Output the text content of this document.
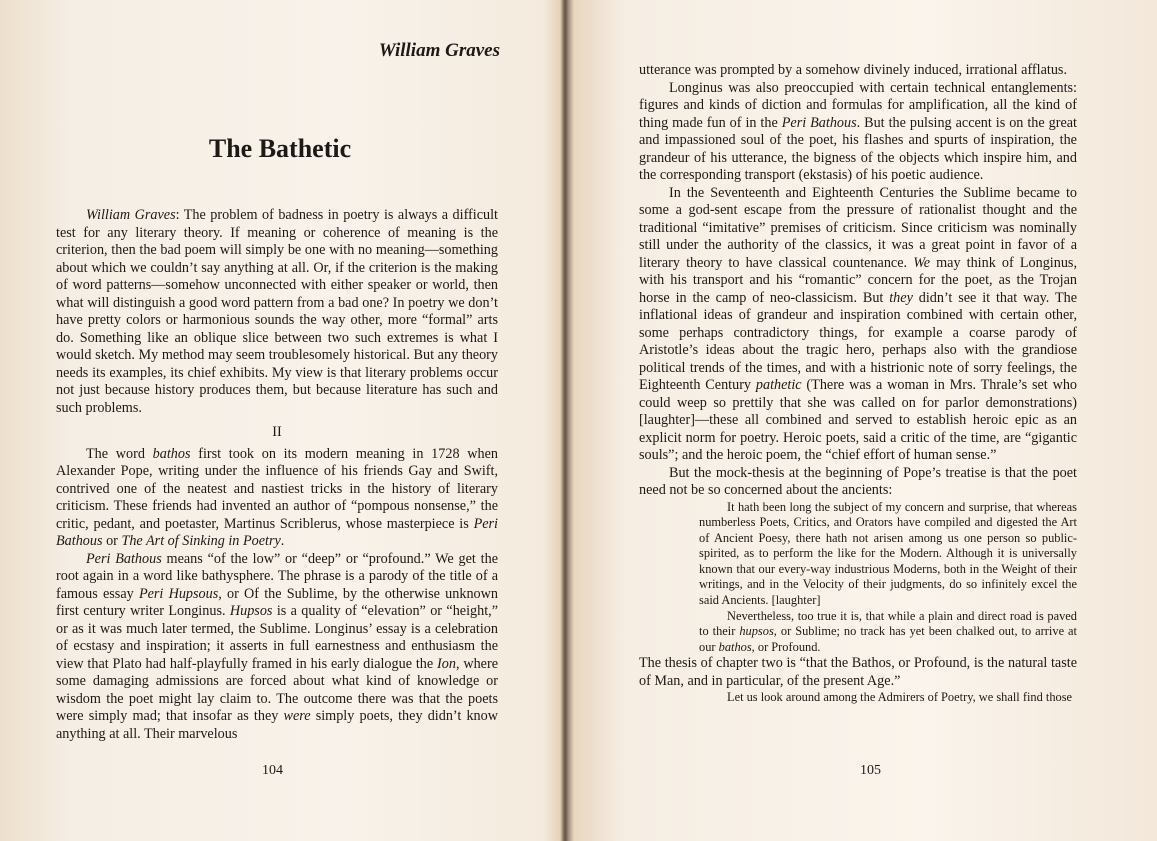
William Graves
The Bathetic

William Graves: The problem of badness in poetry is always a difficult test for any literary theory. If meaning or coherence of meaning is the criterion, then the bad poem will simply be one with no meaning—something about which we couldn’t say anything at all. Or, if the criterion is the making of word patterns—somehow unconnected with either speaker or world, then what will distinguish a good word pattern from a bad one? In poetry we don’t have pretty colors or harmonious sounds the way other, more “formal” arts do. Something like an oblique slice between two such extremes is what I would sketch. My method may seem troublesomely historical. But any theory needs its examples, its chief exhibits. My view is that literary problems occur not just because history produces them, but because literature has such and such problems.

II

The word bathos first took on its modern meaning in 1728 when Alexander Pope, writing under the influence of his friends Gay and Swift, contrived one of the neatest and nastiest tricks in the history of literary criticism. These friends had invented an author of “pompous nonsense,” the critic, pedant, and poetaster, Martinus Scriblerus, whose masterpiece is Peri Bathous or The Art of Sinking in Poetry.

Peri Bathous means “of the low” or “deep” or “profound.” We get the root again in a word like bathysphere. The phrase is a parody of the title of a famous essay Peri Hupsous, or Of the Sublime, by the otherwise unknown first century writer Longinus. Hupsos is a quality of “elevation” or “height,” or as it was much later termed, the Sublime. Longinus’ essay is a celebration of ecstasy and inspiration; it asserts in full earnestness and enthusiasm the view that Plato had half-playfully framed in his early dialogue the Ion, where some damaging admissions are forced about what kind of knowledge or wisdom the poet might lay claim to. The outcome there was that the poets were simply mad; that insofar as they were simply poets, they didn’t know anything at all. Their marvelous

104

utterance was prompted by a somehow divinely induced, irrational afflatus.

Longinus was also preoccupied with certain technical entanglements: figures and kinds of diction and formulas for amplification, all the kind of thing made fun of in the Peri Bathous. But the pulsing accent is on the great and impassioned soul of the poet, his flashes and spurts of inspiration, the grandeur of his utterance, the bigness of the objects which inspire him, and the corresponding transport (ekstasis) of his poetic audience.

In the Seventeenth and Eighteenth Centuries the Sublime became to some a god-sent escape from the pressure of rationalist thought and the traditional “imitative” premises of criticism. Since criticism was nominally still under the authority of the classics, it was a great point in favor of a literary theory to have classical countenance. We may think of Longinus, with his transport and his “romantic” concern for the poet, as the Trojan horse in the camp of neo-classicism. But they didn’t see it that way. The inflational ideas of grandeur and inspiration combined with certain other, some perhaps contradictory things, for example a coarse parody of Aristotle’s ideas about the tragic hero, perhaps also with the grandiose political trends of the times, and with a histrionic note of sorry feelings, the Eighteenth Century pathetic (There was a woman in Mrs. Thrale’s set who could weep so prettily that she was called on for parlor demonstrations) [laughter]—these all combined and served to establish heroic epic as an explicit norm for poetry. Heroic poets, said a critic of the time, are “gigantic souls”; and the heroic poem, the “chief effort of human sense.”

But the mock-thesis at the beginning of Pope’s treatise is that the poet need not be so concerned about the ancients:

It hath been long the subject of my concern and surprise, that whereas numberless Poets, Critics, and Orators have compiled and digested the Art of Ancient Poesy, there hath not arisen among us one person so public-spirited, as to perform the like for the Modern. Although it is universally known that our every-way industrious Moderns, both in the Weight of their writings, and in the Velocity of their judgments, do so infinitely excel the said Ancients. [laughter]

Nevertheless, too true it is, that while a plain and direct road is paved to their hupsos, or Sublime; no track has yet been chalked out, to arrive at our bathos, or Profound.

The thesis of chapter two is “that the Bathos, or Profound, is the natural taste of Man, and in particular, of the present Age.”

Let us look around among the Admirers of Poetry, we shall find those

105
